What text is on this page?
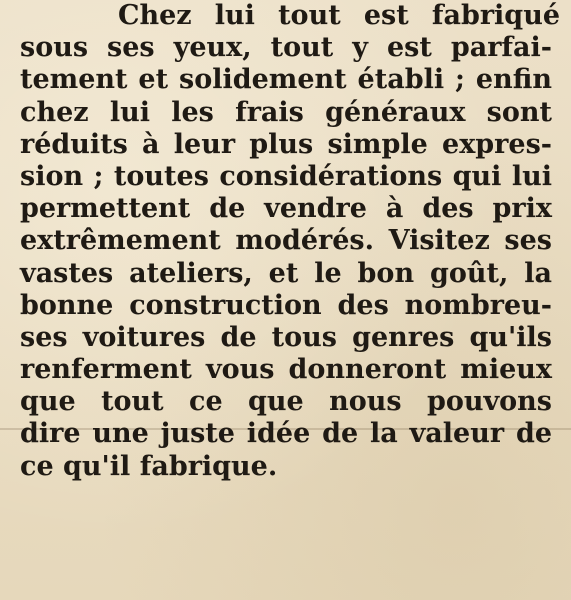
Chez lui tout est fabriqué
sous ses yeux, tout y est parfai-
tement et solidement établi ; enfin
chez lui les frais généraux sont
réduits à leur plus simple expres-
sion ; toutes considérations qui lui
permettent de vendre à des prix
extrêmement modérés. Visitez ses
vastes ateliers, et le bon goût, la
bonne construction des nombreu-
ses voitures de tous genres qu'ils
renferment vous donneront mieux
que tout ce que nous pouvons
dire une juste idée de la valeur de
ce qu'il fabrique.
